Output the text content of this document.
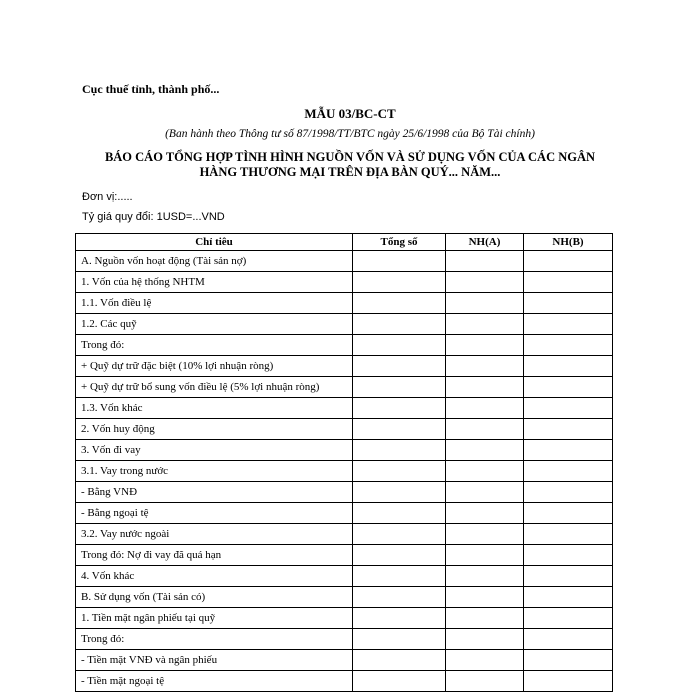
Cục thuế tỉnh, thành phố...
MẪU 03/BC-CT
(Ban hành theo Thông tư số 87/1998/TT/BTC ngày 25/6/1998 của Bộ Tài chính)
BÁO CÁO TỔNG HỢP TÌNH HÌNH NGUỒN VỐN VÀ SỬ DỤNG VỐN CỦA CÁC NGÂN
HÀNG THƯƠNG MẠI TRÊN ĐỊA BÀN QUÝ... NĂM...
Đơn vị:.....
Tỷ giá quy đổi: 1USD=...VND
Chỉ tiêu	Tổng số	NH(A)	NH(B)
A. Nguồn vốn hoạt động (Tài sản nợ)			
1. Vốn của hệ thống NHTM			
1.1. Vốn điều lệ			
1.2. Các quỹ			
Trong đó:			
+ Quỹ dự trữ đặc biệt (10% lợi nhuận ròng)			
+ Quỹ dự trữ bổ sung vốn điều lệ (5% lợi nhuận ròng)			
1.3. Vốn khác			
2. Vốn huy động			
3. Vốn đi vay			
3.1. Vay trong nước			
- Bằng VNĐ			
- Bằng ngoại tệ			
3.2. Vay nước ngoài			
Trong đó: Nợ đi vay đã quá hạn			
4. Vốn khác			
B. Sử dụng vốn (Tài sản có)			
1. Tiền mặt ngân phiếu tại quỹ			
Trong đó:			
- Tiền mặt VNĐ và ngân phiếu			
- Tiền mặt ngoại tệ			
